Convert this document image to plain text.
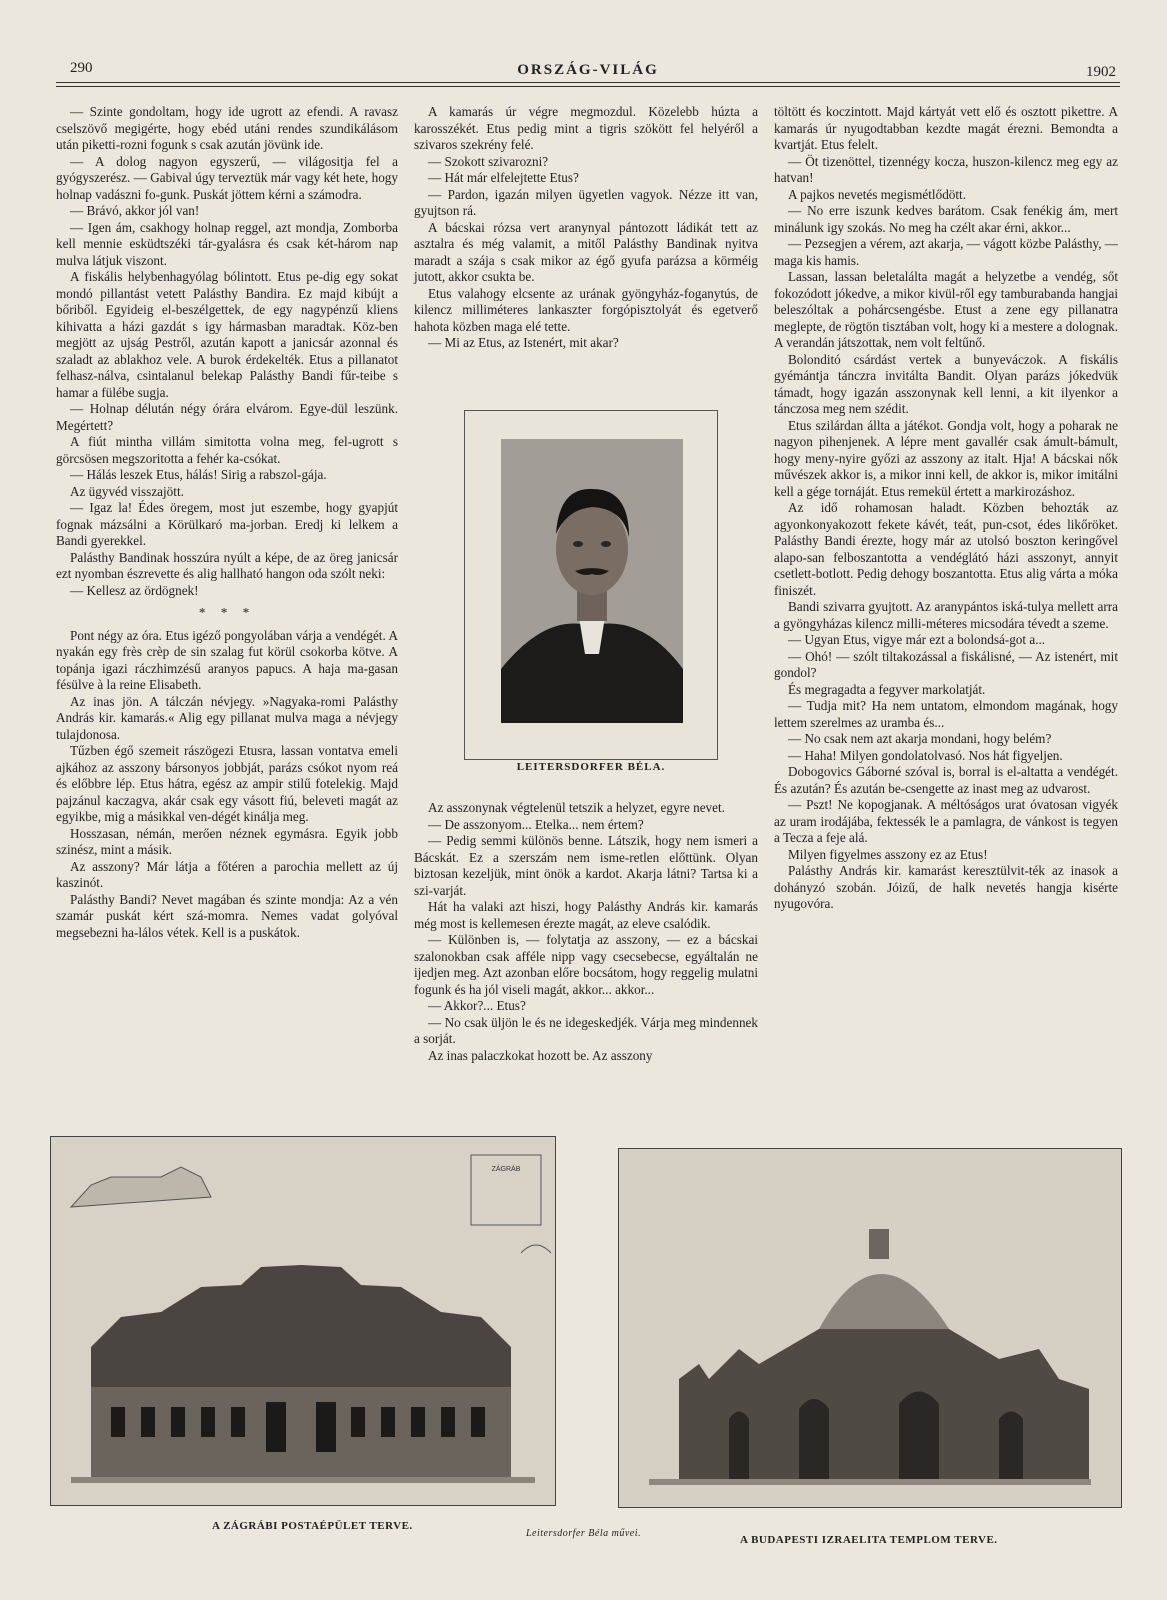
290	ORSZÁG-VILÁG	1902

— Szinte gondoltam, hogy ide ugrott az efendi. A ravasz cselszövő megigérte, hogy ebéd utáni rendes szundikálásom után piketti-rozni fogunk s csak azután jövünk ide.

— A dolog nagyon egyszerű, — világositja fel a gyógyszerész. — Gabival úgy terveztük már vagy két hete, hogy holnap vadászni fo-gunk. Puskát jöttem kérni a számodra.

— Brávó, akkor jól van!

— Igen ám, csakhogy holnap reggel, azt mondja, Zomborba kell mennie esküdtszéki tár-gyalásra és csak két-három nap mulva látjuk viszont.

A fiskális helybenhagyólag bólintott. Etus pe-dig egy sokat mondó pillantást vetett Palásthy Bandira. Ez majd kibújt a bőriből. Egyideig el-beszélgettek, de egy nagypénzű kliens kihivatta a házi gazdát s igy hármasban maradtak. Köz-ben megjött az ujság Pestről, azután kapott a janicsár azonnal és szaladt az ablakhoz vele. A burok érdekelték. Etus a pillanatot felhasz-nálva, csintalanul belekap Palásthy Bandi fűr-teibe s hamar a fülébe sugja.

— Holnap délután négy órára elvárom. Egye-dül leszünk. Megértett?

A fiút mintha villám simitotta volna meg, fel-ugrott s görcsösen megszoritotta a fehér ka-csókat.

— Hálás leszek Etus, hálás! Sirig a rabszol-gája.

Az ügyvéd visszajött.

— Igaz la! Édes öregem, most jut eszembe, hogy gyapjút fognak mázsálni a Körülkaró ma-jorban. Eredj ki lelkem a Bandi gyerekkel.

Palásthy Bandinak hosszúra nyúlt a képe, de az öreg janicsár ezt nyomban észrevette és alig hallható hangon oda szólt neki:

— Kellesz az ördögnek!

* * *

Pont négy az óra. Etus igéző pongyolában várja a vendégét. A nyakán egy frès crèp de sin szalag fut körül csokorba kötve. A topánja igazi ráczhimzésű aranyos papucs. A haja ma-gasan fésülve à la reine Elisabeth.

Az inas jön. A tálczán névjegy. »Nagyaka-romi Palásthy András kir. kamarás.« Alig egy pillanat mulva maga a névjegy tulajdonosa.

Tűzben égő szemeit rászögezi Etusra, lassan vontatva emeli ajkához az asszony bársonyos jobbját, parázs csókot nyom reá és előbbre lép. Etus hátra, egész az ampir stilű fotelekig. Majd pajzánul kaczagva, akár csak egy vásott fiú, beleveti magát az egyikbe, mig a másikkal ven-dégét kinálja meg.

Hosszasan, némán, merően néznek egymásra. Egyik jobb szinész, mint a másik.

Az asszony? Már látja a főtéren a parochia mellett az új kaszinót.

Palásthy Bandi? Nevet magában és szinte mondja: Az a vén szamár puskát kért szá-momra. Nemes vadat golyóval megsebezni ha-lálos vétek. Kell is a puskátok.

A kamarás úr végre megmozdul. Közelebb húzta a karosszékét. Etus pedig mint a tigris szökött fel helyéről a szivaros szekrény felé.

— Szokott szivarozni?

— Hát már elfelejtette Etus?

— Pardon, igazán milyen ügyetlen vagyok. Nézze itt van, gyujtson rá.

A bácskai rózsa vert aranynyal pántozott ládikát tett az asztalra és még valamit, a mitől Palásthy Bandinak nyitva maradt a szája s csak mikor az égő gyufa parázsa a körméig jutott, akkor csukta be.

Etus valahogy elcsente az urának gyöngyház-foganytús, de kilencz milliméteres lankaszter forgópisztolyát és egetverő hahota közben maga elé tette.

— Mi az Etus, az Istenért, mit akar?

Az asszonynak végtelenül tetszik a helyzet, egyre nevet.

— De asszonyom... Etelka... nem értem?

— Pedig semmi különös benne. Látszik, hogy nem ismeri a Bácskát. Ez a szerszám nem isme-retlen előttünk. Olyan biztosan kezeljük, mint önök a kardot. Akarja látni? Tartsa ki a szi-varját.

Hát ha valaki azt hiszi, hogy Palásthy András kir. kamarás még most is kellemesen érezte magát, az eleve csalódik.

— Különben is, — folytatja az asszony, — ez a bácskai szalonokban csak afféle nipp vagy csecsebecse, egyáltalán ne ijedjen meg. Azt azonban előre bocsátom, hogy reggelig mulatni fogunk és ha jól viseli magát, akkor... akkor...

— Akkor?... Etus?

— No csak üljön le és ne idegeskedjék. Várja meg mindennek a sorját.

Az inas palaczkokat hozott be. Az asszony

LEITERSDORFER BÉLA.

töltött és koczintott. Majd kártyát vett elő és osztott pikettre. A kamarás úr nyugodtabban kezdte magát érezni. Bemondta a kvartját. Etus felelt.

— Öt tizenöttel, tizennégy kocza, huszon-kilencz meg egy az hatvan!

A pajkos nevetés megismétlődött.

— No erre iszunk kedves barátom. Csak fenékig ám, mert minálunk igy szokás. No meg ha czélt akar érni, akkor...

— Pezsegjen a vérem, azt akarja, — vágott közbe Palásthy, — maga kis hamis.

Lassan, lassan beletalálta magát a helyzetbe a vendég, sőt fokozódott jókedve, a mikor kivül-ről egy tamburabanda hangjai beleszóltak a pohárcsengésbe. Etust a zene egy pillanatra meglepte, de rögtön tisztában volt, hogy ki a mestere a dolognak. A verandán játszottak, nem volt feltűnő.

Bolonditó csárdást vertek a bunyeváczok. A fiskális gyémántja tánczra invitálta Bandit. Olyan parázs jókedvük támadt, hogy igazán asszonynak kell lenni, a kit ilyenkor a tánczosa meg nem szédit.

Etus szilárdan állta a játékot. Gondja volt, hogy a poharak ne nagyon pihenjenek. A lépre ment gavallér csak ámult-bámult, hogy meny-nyire győzi az asszony az italt. Hja! A bácskai nők művészek akkor is, a mikor inni kell, de akkor is, mikor imitálni kell a gége tornáját. Etus remekül értett a markirozáshoz.

Az idő rohamosan haladt. Közben behozták az agyonkonyakozott fekete kávét, teát, pun-csot, édes likőröket. Palásthy Bandi érezte, hogy már az utolsó boszton keringővel alapo-san felboszantotta a vendéglátó házi asszonyt, annyit csetlett-botlott. Pedig dehogy boszantotta. Etus alig várta a móka finiszét.

Bandi szivarra gyujtott. Az aranypántos iská-tulya mellett arra a gyöngyházas kilencz milli-méteres micsodára tévedt a szeme.

— Ugyan Etus, vigye már ezt a bolondsá-got a...

— Ohó! — szólt tiltakozással a fiskálisné, — Az istenért, mit gondol?

És megragadta a fegyver markolatját.

— Tudja mit? Ha nem untatom, elmondom magának, hogy lettem szerelmes az uramba és...

— No csak nem azt akarja mondani, hogy belém?

— Haha! Milyen gondolatolvasó. Nos hát figyeljen.

Dobogovics Gáborné szóval is, borral is el-altatta a vendégét. És azután? És azután be-csengette az inast meg az udvarost.

— Pszt! Ne kopogjanak. A méltóságos urat óvatosan vigyék az uram irodájába, fektessék le a pamlagra, de vánkost is tegyen a Tecza a feje alá.

Milyen figyelmes asszony ez az Etus!

Palásthy András kir. kamarást keresztülvit-ték az inasok a dohányzó szobán. Jóizű, de halk nevetés hangja kisérte nyugovóra.

ZÁGRÁB
A ZÁGRÁBI POSTAÉPÜLET TERVE.
Leitersdorfer Béla művei.
A BUDAPESTI IZRAELITA TEMPLOM TERVE.
